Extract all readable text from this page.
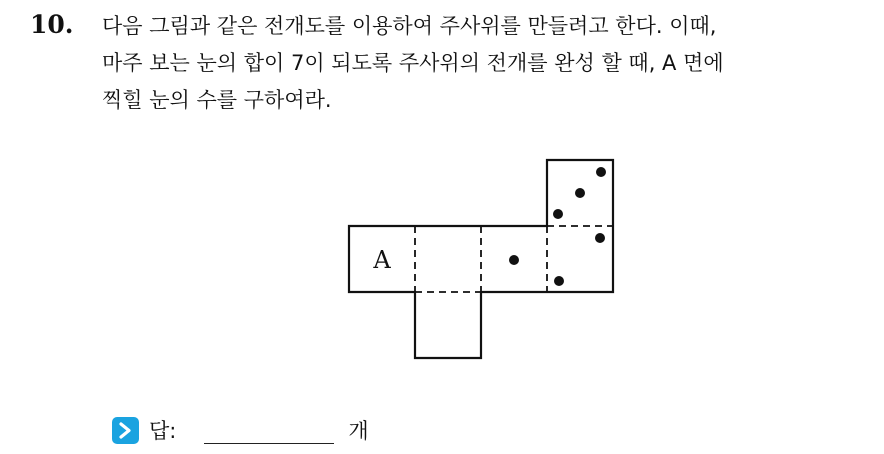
10. 다음 그림과 같은 전개도를 이용하여 주사위를 만들려고 한다. 이때,
마주 보는 눈의 합이 7이 되도록 주사위의 전개를 완성 할 때, A 면에
찍힐 눈의 수를 구하여라.

A
답:	개
